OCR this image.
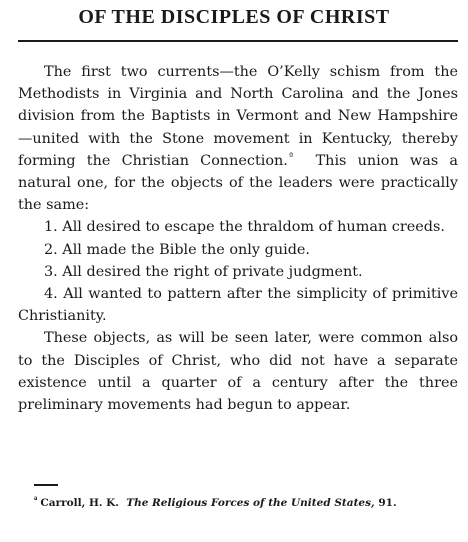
OF THE DISCIPLES OF CHRIST

The first two currents—the O’Kelly schism from the Methodists in Virginia and North Carolina and the Jones division from the Baptists in Vermont and New Hampshire—united with the Stone movement in Kentucky, thereby forming the Christian Connection.$^ª$ This union was a natural one, for the objects of the leaders were practically the same:

1. All desired to escape the thraldom of human creeds.

2. All made the Bible the only guide.

3. All desired the right of private judgment.

4. All wanted to pattern after the simplicity of primitive Christianity.

These objects, as will be seen later, were common also to the Disciples of Christ, who did not have a separate existence until a quarter of a century after the three preliminary movements had begun to appear.

$^ª$ Carroll, H. K. The Religious Forces of the United States, 91.
